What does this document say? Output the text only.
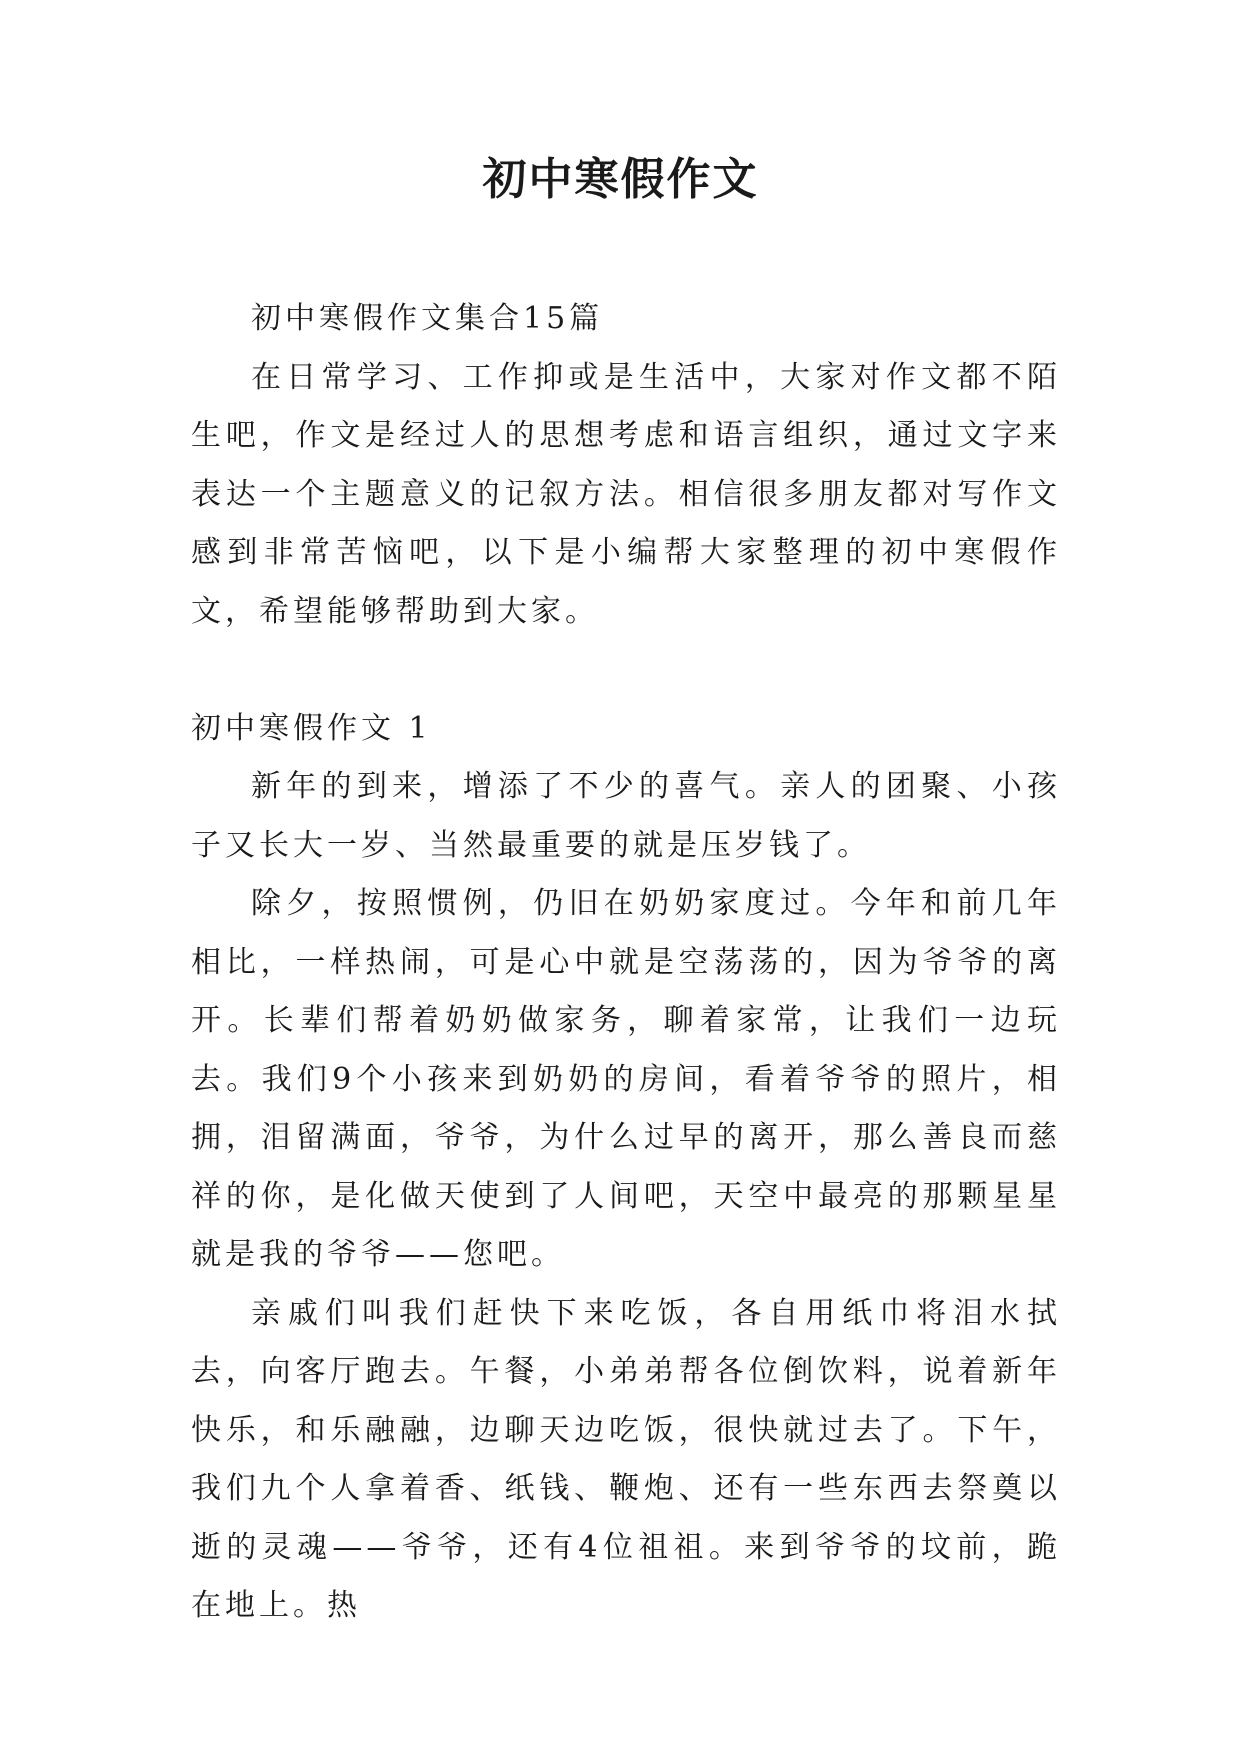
初中寒假作文

初中寒假作文集合15篇

在日常学习、工作抑或是生活中，大家对作文都不陌生吧，作文是经过人的思想考虑和语言组织，通过文字来表达一个主题意义的记叙方法。相信很多朋友都对写作文感到非常苦恼吧，以下是小编帮大家整理的初中寒假作文，希望能够帮助到大家。

初中寒假作文 1

新年的到来，增添了不少的喜气。亲人的团聚、小孩子又长大一岁、当然最重要的就是压岁钱了。

除夕，按照惯例，仍旧在奶奶家度过。今年和前几年相比，一样热闹，可是心中就是空荡荡的，因为爷爷的离开。长辈们帮着奶奶做家务，聊着家常，让我们一边玩去。我们9个小孩来到奶奶的房间，看着爷爷的照片，相拥，泪留满面，爷爷，为什么过早的离开，那么善良而慈祥的你，是化做天使到了人间吧，天空中最亮的那颗星星就是我的爷爷——您吧。

亲戚们叫我们赶快下来吃饭，各自用纸巾将泪水拭去，向客厅跑去。午餐，小弟弟帮各位倒饮料，说着新年快乐，和乐融融，边聊天边吃饭，很快就过去了。下午，我们九个人拿着香、纸钱、鞭炮、还有一些东西去祭奠以逝的灵魂——爷爷，还有4位祖祖。来到爷爷的坟前，跪在地上。热
